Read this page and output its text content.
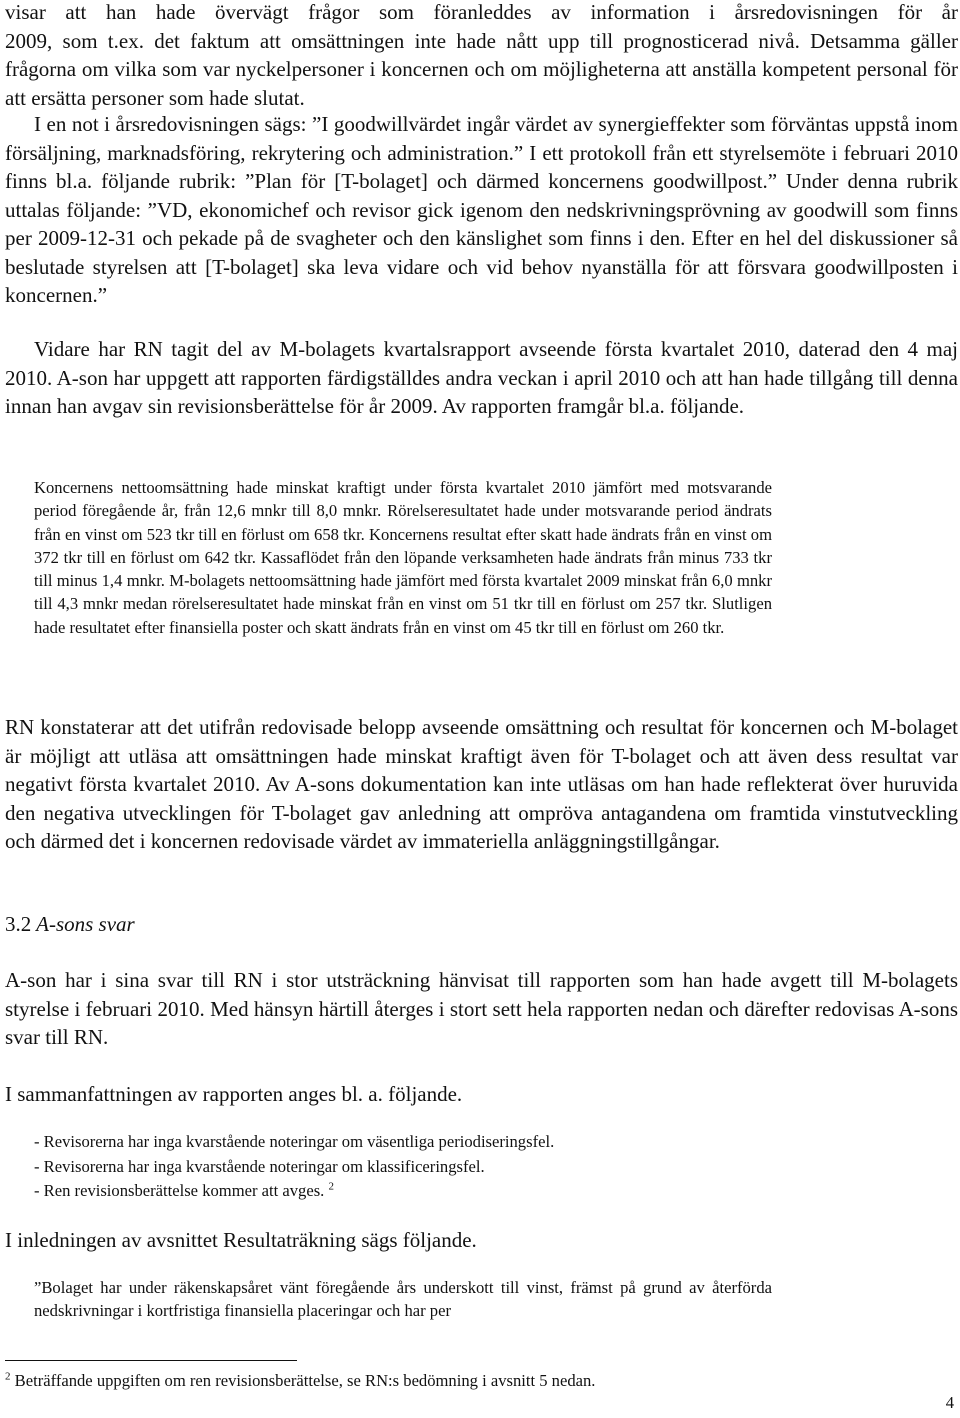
visar att han hade övervägt frågor som föranleddes av information i årsredovisningen för år

2009, som t.ex. det faktum att omsättningen inte hade nått upp till prognosticerad nivå. Detsamma gäller frågorna om vilka som var nyckelpersoner i koncernen och om möjligheterna att anställa kompetent personal för att ersätta personer som hade slutat.

I en not i årsredovisningen sägs: ”I goodwillvärdet ingår värdet av synergieffekter som förväntas uppstå inom försäljning, marknadsföring, rekrytering och administration.” I ett protokoll från ett styrelsemöte i februari 2010 finns bl.a. följande rubrik: ”Plan för [T-bolaget] och därmed koncernens goodwillpost.” Under denna rubrik uttalas följande: ”VD, ekonomichef och revisor gick igenom den nedskrivningsprövning av goodwill som finns per 2009-12-31 och pekade på de svagheter och den känslighet som finns i den. Efter en hel del diskussioner så beslutade styrelsen att [T-bolaget] ska leva vidare och vid behov nyanställa för att försvara goodwillposten i koncernen.”

Vidare har RN tagit del av M-bolagets kvartalsrapport avseende första kvartalet 2010, daterad den 4 maj 2010. A-son har uppgett att rapporten färdigställdes andra veckan i april 2010 och att han hade tillgång till denna innan han avgav sin revisionsberättelse för år 2009. Av rapporten framgår bl.a. följande.

Koncernens nettoomsättning hade minskat kraftigt under första kvartalet 2010 jämfört med motsvarande period föregående år, från 12,6 mnkr till 8,0 mnkr. Rörelseresultatet hade under motsvarande period ändrats från en vinst om 523 tkr till en förlust om 658 tkr. Koncernens resultat efter skatt hade ändrats från en vinst om 372 tkr till en förlust om 642 tkr. Kassaflödet från den löpande verksamheten hade ändrats från minus 733 tkr till minus 1,4 mnkr. M-bolagets nettoomsättning hade jämfört med första kvartalet 2009 minskat från 6,0 mnkr till 4,3 mnkr medan rörelseresultatet hade minskat från en vinst om 51 tkr till en förlust om 257 tkr. Slutligen hade resultatet efter finansiella poster och skatt ändrats från en vinst om 45 tkr till en förlust om 260 tkr.

RN konstaterar att det utifrån redovisade belopp avseende omsättning och resultat för koncernen och M-bolaget är möjligt att utläsa att omsättningen hade minskat kraftigt även för T-bolaget och att även dess resultat var negativt första kvartalet 2010. Av A-sons dokumentation kan inte utläsas om han hade reflekterat över huruvida den negativa utvecklingen för T-bolaget gav anledning att ompröva antagandena om framtida vinstutveckling och därmed det i koncernen redovisade värdet av immateriella anläggningstillgångar.

3.2 A-sons svar

A-son har i sina svar till RN i stor utsträckning hänvisat till rapporten som han hade avgett till M-bolagets styrelse i februari 2010. Med hänsyn härtill återges i stort sett hela rapporten nedan och därefter redovisas A-sons svar till RN.

I sammanfattningen av rapporten anges bl. a. följande.

- Revisorerna har inga kvarstående noteringar om väsentliga periodiseringsfel.
- Revisorerna har inga kvarstående noteringar om klassificeringsfel.
- Ren revisionsberättelse kommer att avges. $^2$

I inledningen av avsnittet Resultaträkning sägs följande.

”Bolaget har under räkenskapsåret vänt föregående års underskott till vinst, främst på grund av återförda nedskrivningar i kortfristiga finansiella placeringar och har per

$^2$ Beträffande uppgiften om ren revisionsberättelse, se RN:s bedömning i avsnitt 5 nedan.
4
